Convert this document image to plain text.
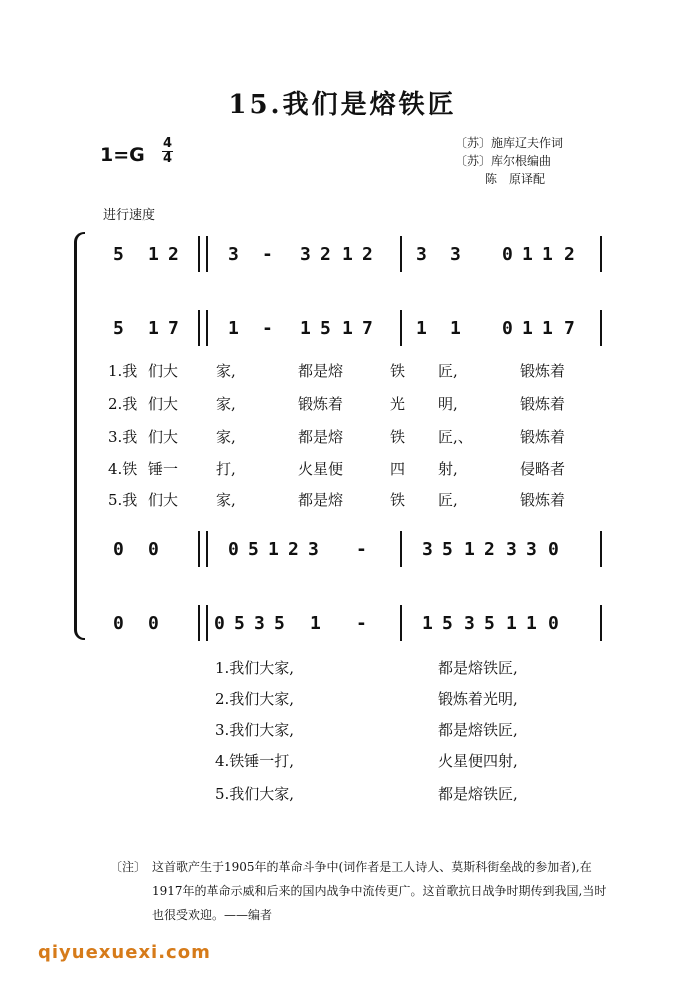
15.我们是熔铁匠
1=G
4
4
〔苏〕施库辽夫作词
〔苏〕库尔根编曲
陈　原译配
进行速度
5 1 2	3 - 3 2 1 2 3 3 0 1 1 2
5 1 7	1 - 1 5 1 7 1 1 0 1 1 7
1.我 们大	家,	都是熔	铁 匠,	锻炼着
2.我 们大	家,	锻炼着	光 明,	锻炼着
3.我 们大	家,	都是熔	铁 匠,、	锻炼着
4.铁 锤一	打,	火星便	四 射,	侵略者
5.我 们大	家,	都是熔	铁 匠,	锻炼着
0 0	0 5 1 2 3 -	3 5 1 2 3 3 0
0 0	0 5 3 5 1 -	1 5 3 5 1 1 0
1.我们大家,	都是熔铁匠,
2.我们大家,	锻炼着光明,
3.我们大家,	都是熔铁匠,
4.铁锤一打,	火星便四射,
5.我们大家,	都是熔铁匠,
〔注〕 这首歌产生于1905年的革命斗争中(词作者是工人诗人、莫斯科街垒战的参加者),在1917年的革命示威和后来的国内战争中流传更广。这首歌抗日战争时期传到我国,当时也很受欢迎。——编者
qiyuexuexi.com
